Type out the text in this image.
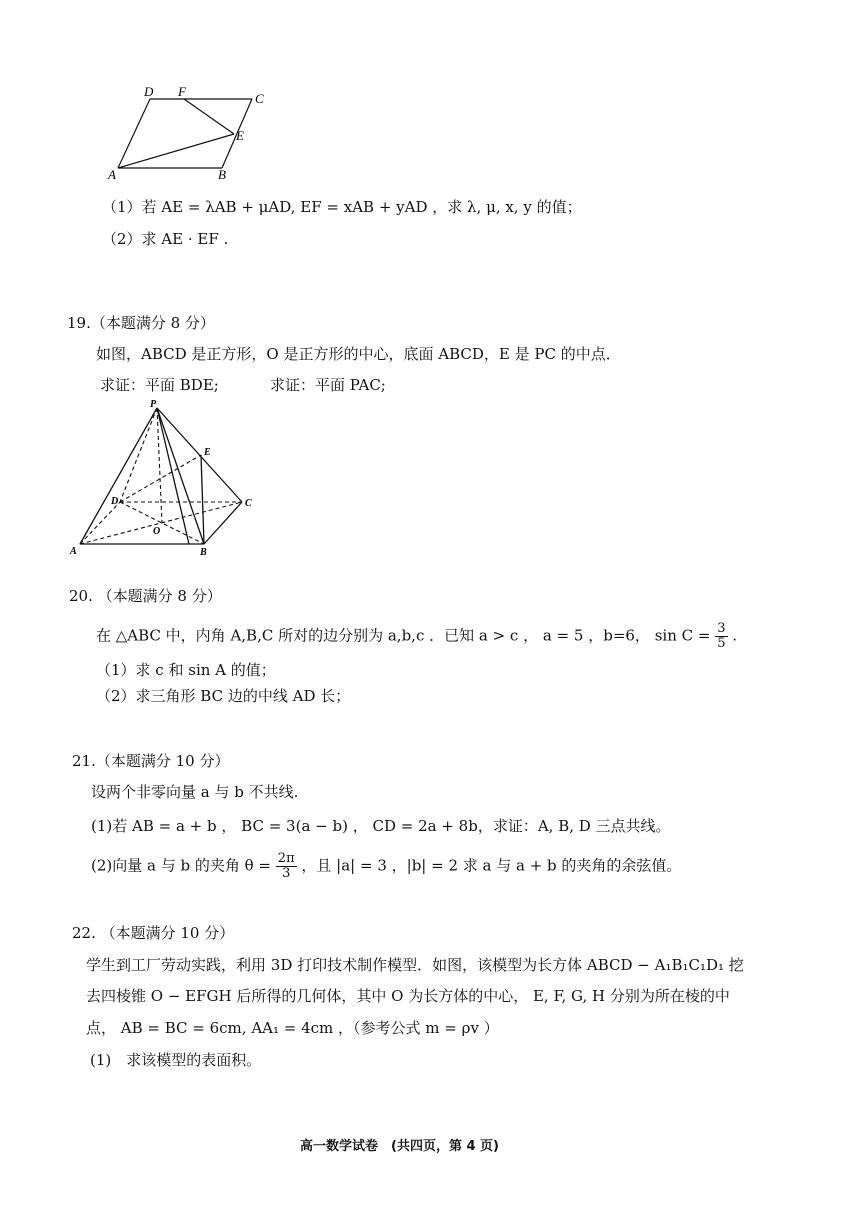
D F	C
E
A	B
（1）若 AE = λAB + μAD, EF = xAB + yAD ，求 λ, μ, x, y 的值；
（2）求 AE · EF .
19.（本题满分 8 分）
如图，ABCD 是正方形，O 是正方形的中心，底面 ABCD，E 是 PC 的中点．
求证：平面 BDE;	求证：平面 PAC;
P
E
D	C
O
A	B
20. （本题满分 8 分）
在 △ABC 中，内角 A,B,C 所对的边分别为 a,b,c ．已知 a > c ， a = 5 ，b=6， $\sin C = \frac{3}{5}$ .
（1）求 c 和 sin A 的值；
（2）求三角形 BC 边的中线 AD 长；
21.（本题满分 10 分）
设两个非零向量 a 与 b 不共线.
(1)若 AB = a + b ， BC = 3(a − b) ， CD = 2a + 8b，求证：A, B, D 三点共线。
(2)向量 a 与 b 的夹角 $\theta = \frac{2\pi}{3}$ ，且 |a| = 3 ，|b| = 2 求 a 与 a + b 的夹角的余弦值。
22. （本题满分 10 分）
学生到工厂劳动实践，利用 3D 打印技术制作模型．如图，该模型为长方体 ABCD − A₁B₁C₁D₁ 挖
去四棱锥 O − EFGH 后所得的几何体，其中 O 为长方体的中心， E, F, G, H 分别为所在棱的中
点， AB = BC = 6cm, AA₁ = 4cm ，（参考公式 m = ρv ）
(1)　求该模型的表面积。
高一数学试卷　(共四页，第 4 页)
